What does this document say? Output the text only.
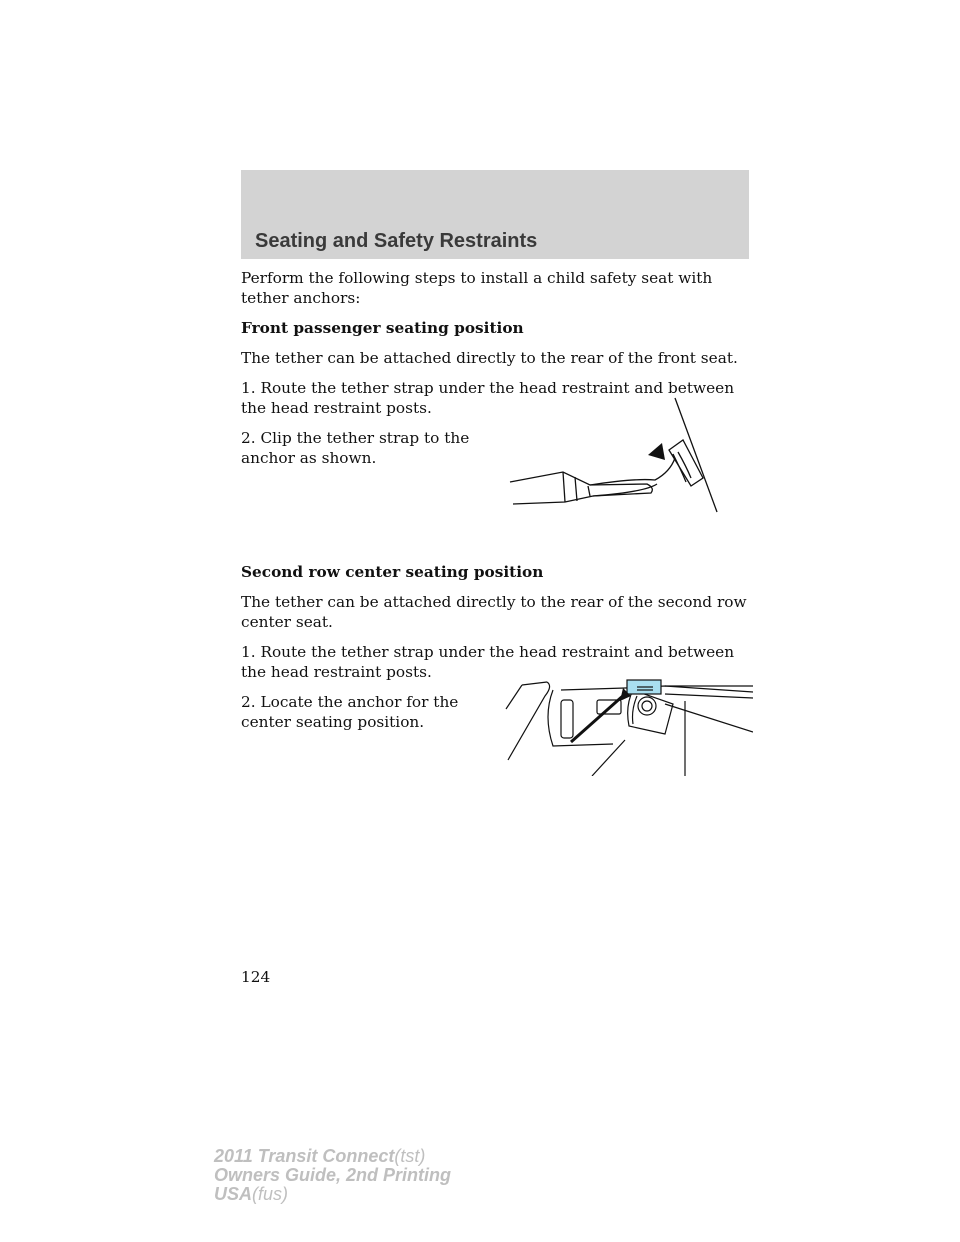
Seating and Safety Restraints

Perform the following steps to install a child safety seat with tether anchors:

Front passenger seating position

The tether can be attached directly to the rear of the front seat.

1. Route the tether strap under the head restraint and between the head restraint posts.

2. Clip the tether strap to the anchor as shown.

Second row center seating position

The tether can be attached directly to the rear of the second row center seat.

1. Route the tether strap under the head restraint and between the head restraint posts.

2. Locate the anchor for the center seating position.

124
2011 Transit Connect(tst)
Owners Guide, 2nd Printing
USA(fus)
